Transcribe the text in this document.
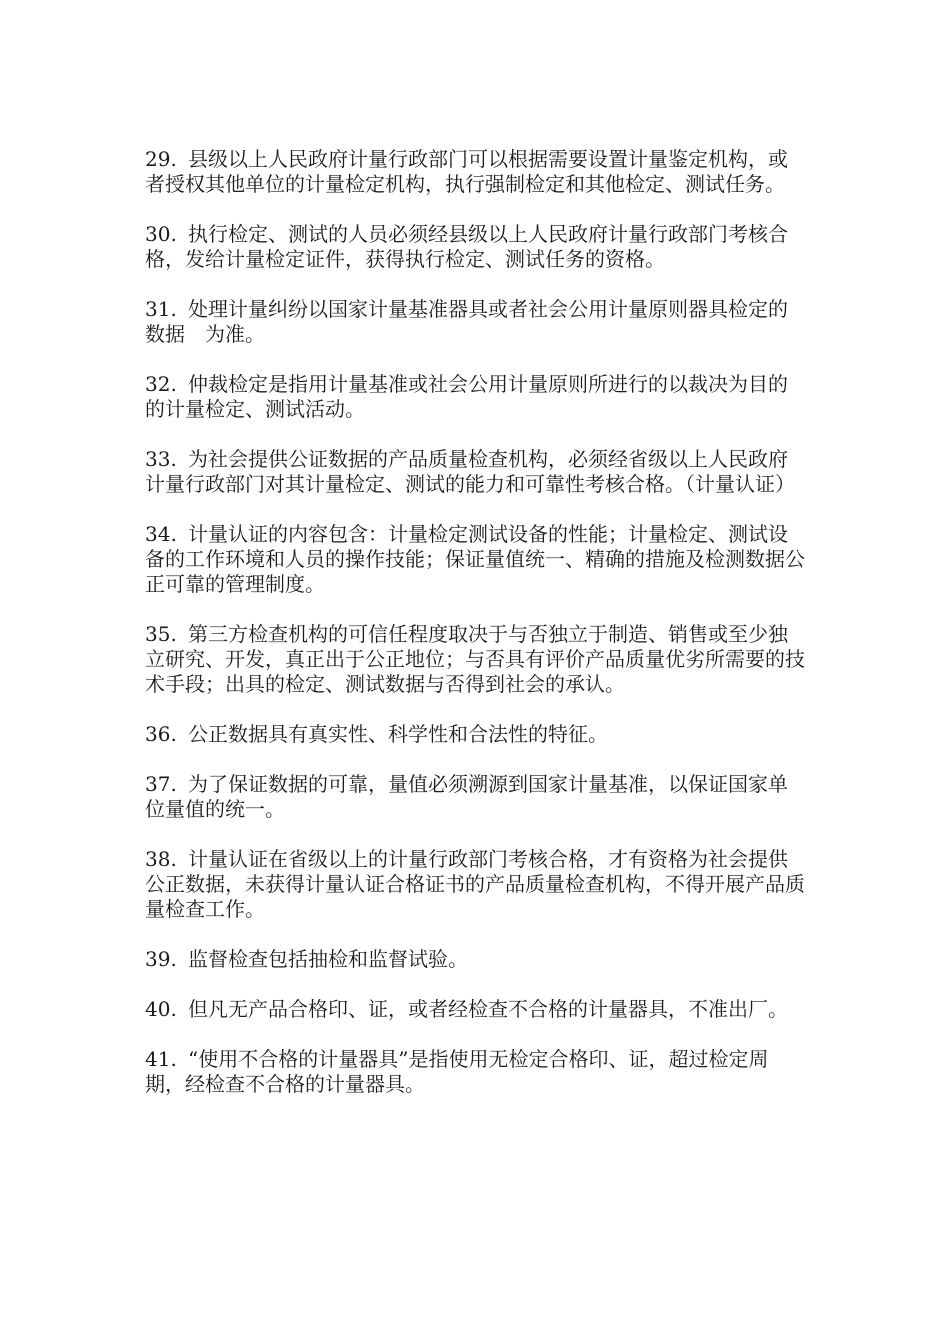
29. 县级以上人民政府计量行政部门可以根据需要设置计量鉴定机构，或者授权其他单位的计量检定机构，执行强制检定和其他检定、测试任务。
30. 执行检定、测试的人员必须经县级以上人民政府计量行政部门考核合格，发给计量检定证件，获得执行检定、测试任务的资格。
31. 处理计量纠纷以国家计量基准器具或者社会公用计量原则器具检定的数据　为准。
32. 仲裁检定是指用计量基准或社会公用计量原则所进行的以裁决为目的的计量检定、测试活动。
33. 为社会提供公证数据的产品质量检查机构，必须经省级以上人民政府计量行政部门对其计量检定、测试的能力和可靠性考核合格。（计量认证）
34. 计量认证的内容包含：计量检定测试设备的性能；计量检定、测试设备的工作环境和人员的操作技能；保证量值统一、精确的措施及检测数据公正可靠的管理制度。
35. 第三方检查机构的可信任程度取决于与否独立于制造、销售或至少独立研究、开发，真正出于公正地位；与否具有评价产品质量优劣所需要的技术手段；出具的检定、测试数据与否得到社会的承认。
36. 公正数据具有真实性、科学性和合法性的特征。
37. 为了保证数据的可靠，量值必须溯源到国家计量基准，以保证国家单位量值的统一。
38. 计量认证在省级以上的计量行政部门考核合格，才有资格为社会提供公正数据，未获得计量认证合格证书的产品质量检查机构，不得开展产品质量检查工作。
39. 监督检查包括抽检和监督试验。
40. 但凡无产品合格印、证，或者经检查不合格的计量器具，不准出厂。
41. “使用不合格的计量器具”是指使用无检定合格印、证，超过检定周期，经检查不合格的计量器具。
